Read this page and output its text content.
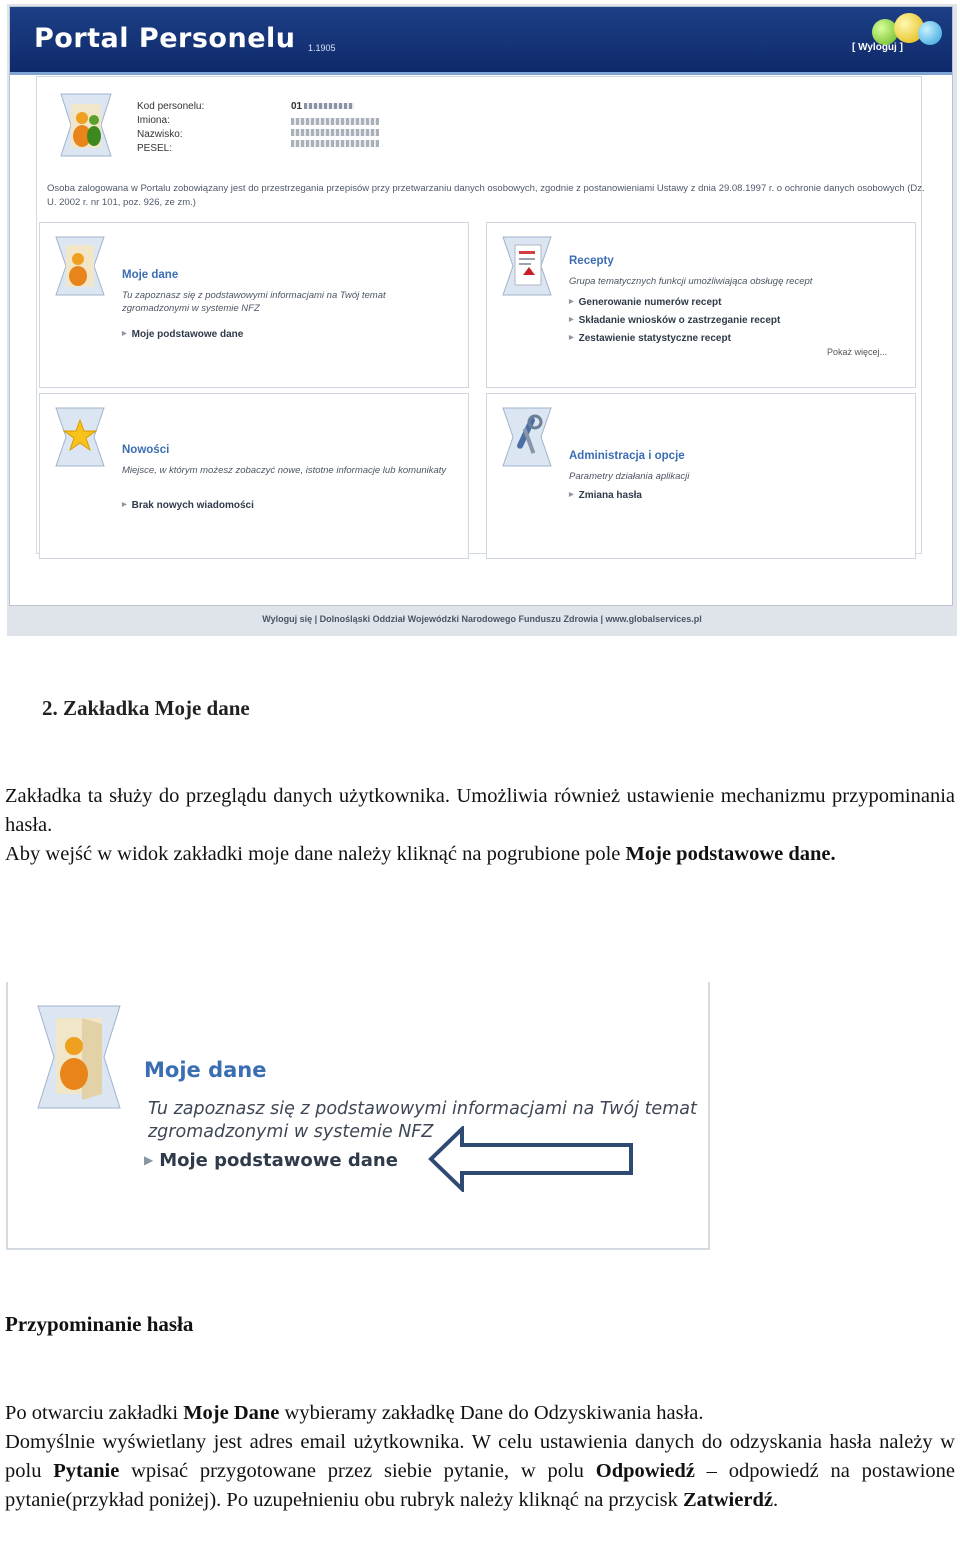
Portal Personelu 1.1905	[ Wyloguj ]
Kod personelu:
Imiona:
Nazwisko:
PESEL:
01
Osoba zalogowana w Portalu zobowiązany jest do przestrzegania przepisów przy przetwarzaniu danych osobowych, zgodnie z postanowieniami Ustawy z dnia 29.08.1997 r. o ochronie danych osobowych (Dz. U. 2002 r. nr 101, poz. 926, ze zm.)
Moje dane
Tu zapoznasz się z podstawowymi informacjami na Twój temat zgromadzonymi w systemie NFZ
▶ Moje podstawowe dane
Recepty
Grupa tematycznych funkcji umożliwiająca obsługę recept
▶ Generowanie numerów recept
▶ Składanie wniosków o zastrzeganie recept
▶ Zestawienie statystyczne recept
Pokaż więcej...
Nowości
Miejsce, w którym możesz zobaczyć nowe, istotne informacje lub komunikaty
▶ Brak nowych wiadomości
Administracja i opcje
Parametry działania aplikacji
▶ Zmiana hasła
Wyloguj się | Dolnośląski Oddział Wojewódzki Narodowego Funduszu Zdrowia | www.globalservices.pl
2. Zakładka Moje dane
Zakładka ta służy do przeglądu danych użytkownika. Umożliwia również ustawienie mechanizmu przypominania hasła.
Aby wejść w widok zakładki moje dane należy kliknąć na pogrubione pole Moje podstawowe dane.
Moje dane
Tu zapoznasz się z podstawowymi informacjami na Twój temat
zgromadzonymi w systemie NFZ
▶ Moje podstawowe dane
Przypominanie hasła
Po otwarciu zakładki Moje Dane wybieramy zakładkę Dane do Odzyskiwania hasła.
Domyślnie wyświetlany jest adres email użytkownika. W celu ustawienia danych do odzyskania hasła należy w polu Pytanie wpisać przygotowane przez siebie pytanie, w polu Odpowiedź – odpowiedź na postawione pytanie(przykład poniżej). Po uzupełnieniu obu rubryk należy kliknąć na przycisk Zatwierdź.
